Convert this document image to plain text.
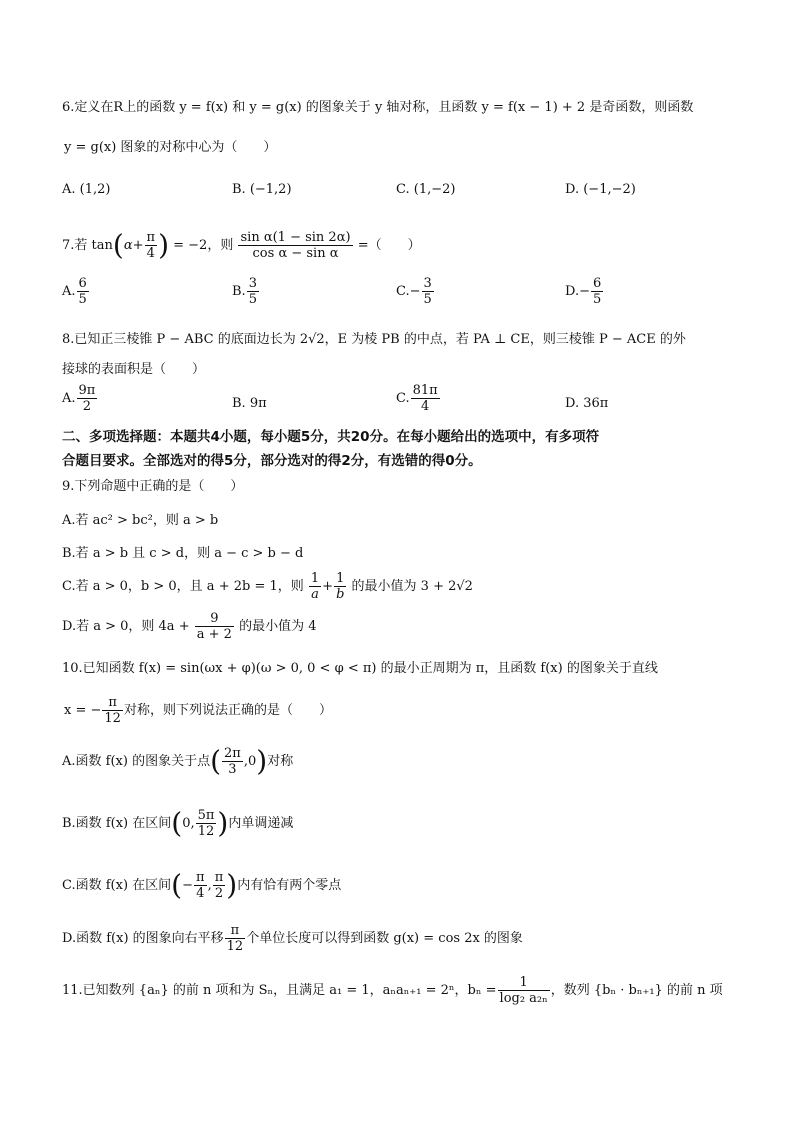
6.定义在R上的函数 y = f(x) 和 y = g(x) 的图象关于 y 轴对称，且函数 y = f(x − 1) + 2 是奇函数，则函数
y = g(x) 图象的对称中心为（　　）
A. (1,2)	B. (−1,2)	C. (1,−2)	D. (−1,−2)
7.若 $\tan(\alpha+ \frac{\pi}{4}$ ) = −2，则 $\frac{\text{sin α(1 − sin 2α)}}{\text{cos α − sin α}}$ =（　　）
A. $\frac{6}{5}$	B. $\frac{3}{5}$	$C.- \frac{3}{5}$	$D.- \frac{6}{5}$
8.已知正三棱锥 P − ABC 的底面边长为 2√2，E 为棱 PB 的中点，若 PA ⊥ CE，则三棱锥 P − ACE 的外
接球的表面积是（　　）
A. $\frac{9\pi}{2}$	B. 9π	C. $\frac{81\pi}{4}$	D. 36π
二、多项选择题：本题共4小题，每小题5分，共20分。在每小题给出的选项中，有多项符
合题目要求。全部选对的得5分，部分选对的得2分，有选错的得0分。
9.下列命题中正确的是（　　）
A.若 ac² > bc²，则 a > b
B.若 a > b 且 c > d，则 a − c > b − d
C.若 a > 0，b > 0，且 a + 2b = 1，则 $\frac{1}{a} + \frac{1}{b}$ 的最小值为 3 + 2√2
D.若 a > 0，则 $4a + \frac{9}{a + 2}$ 的最小值为 4
10.已知函数 f(x) = sin(ωx + φ)(ω > 0, 0 < φ < π) 的最小正周期为 π，且函数 f(x) 的图象关于直线
x = − $\frac{\pi}{12}$ 对称，则下列说法正确的是（　　）
A.函数 f(x) 的图象关于点( $\frac{2\pi}{3} ,0$)对称
B.函数 f(x) 在区间(0, $\frac{5\pi}{12}$ )内单调递减
C.函数 f(x) 在区间(− $\frac{\pi}{4}$ , $\frac{\pi}{2}$ )内有恰有两个零点
D.函数 f(x) 的图象向右平移 $\frac{\pi}{12}$ 个单位长度可以得到函数 g(x) = cos 2x 的图象
11.已知数列 {aₙ} 的前 n 项和为 Sₙ，且满足 a₁ = 1，aₙaₙ₊₁ = 2ⁿ，$b_n = \frac{1}{\text{log₂ a₂ₙ}}$ ，数列 {bₙ · bₙ₊₁} 的前 n 项
